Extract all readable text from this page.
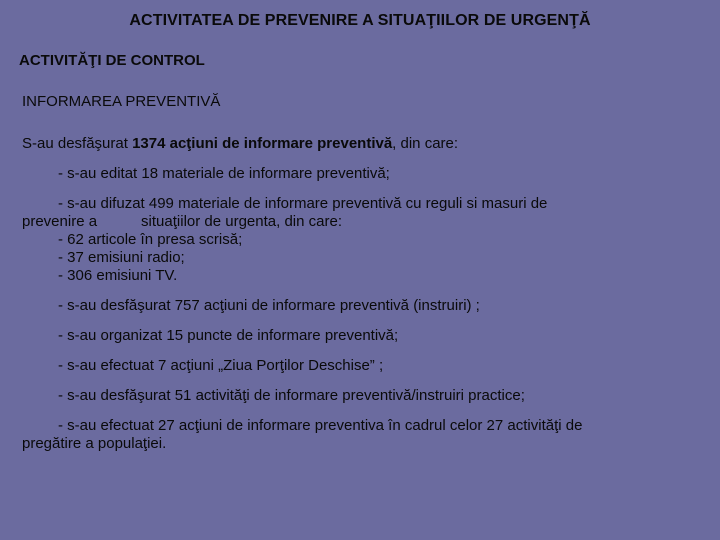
ACTIVITATEA DE PREVENIRE A SITUAŢIILOR DE URGENŢĂ
ACTIVITĂŢI DE CONTROL
INFORMAREA PREVENTIVĂ
S-au desfăşurat 1374 acţiuni de informare preventivă, din care:
- s-au editat 18 materiale de informare preventivă;
- s-au difuzat 499 materiale de informare preventivă cu reguli si masuri de
prevenire a	situaţiilor de urgenta, din care:
- 62 articole în presa scrisă;
- 37 emisiuni radio;
- 306 emisiuni TV.
- s-au desfăşurat 757 acţiuni de informare preventivă (instruiri) ;
- s-au organizat 15 puncte de informare preventivă;
- s-au efectuat 7 acţiuni „Ziua Porţilor Deschise” ;
- s-au desfăşurat 51 activităţi de informare preventivă/instruiri practice;
- s-au efectuat 27 acţiuni de informare preventiva în cadrul celor 27 activităţi de
pregătire a populaţiei.
